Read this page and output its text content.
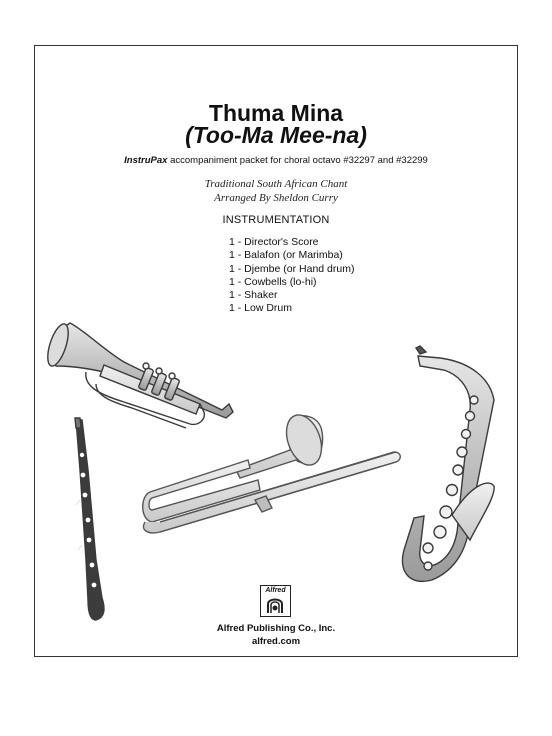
Thuma Mina
(Too-Ma Mee-na)
InstruPax accompaniment packet for choral octavo #32297 and #32299
Traditional South African Chant
Arranged By Sheldon Curry
INSTRUMENTATION
1 - Director's Score
1 - Balafon (or Marimba)
1 - Djembe (or Hand drum)
1 - Cowbells (lo-hi)
1 - Shaker
1 - Low Drum
Alfred
Alfred Publishing Co., Inc.
alfred.com
